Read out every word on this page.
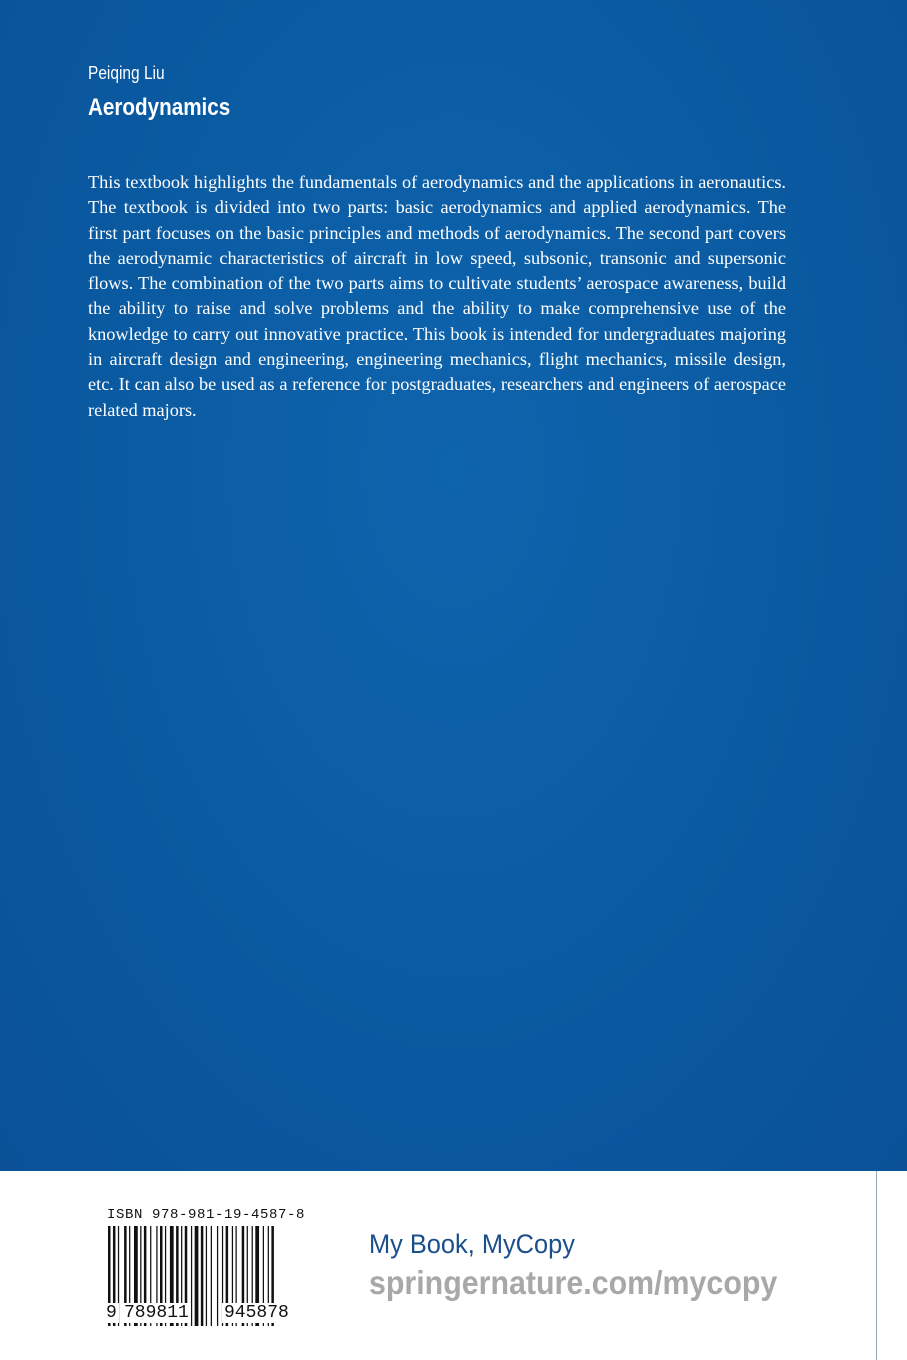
Peiqing Liu
Aerodynamics

This textbook highlights the fundamentals of aerodynamics and the applications in aeronautics. The textbook is divided into two parts: basic aerodynamics and applied aerodynamics. The first part focuses on the basic principles and methods of aerodynamics. The second part covers the aerodynamic characteristics of aircraft in low speed, subsonic, transonic and supersonic flows. The combination of the two parts aims to cultivate students’ aerospace awareness, build the ability to raise and solve problems and the ability to make comprehensive use of the knowledge to carry out innovative practice. This book is intended for undergraduates majoring in aircraft design and engineering, engineering mechanics, flight mechanics, missile design, etc. It can also be used as a reference for postgraduates, researchers and engineers of aerospace related majors.

ISBN 978-981-19-4587-8
9 789811 945878
My Book, MyCopy
springernature.com/mycopy
